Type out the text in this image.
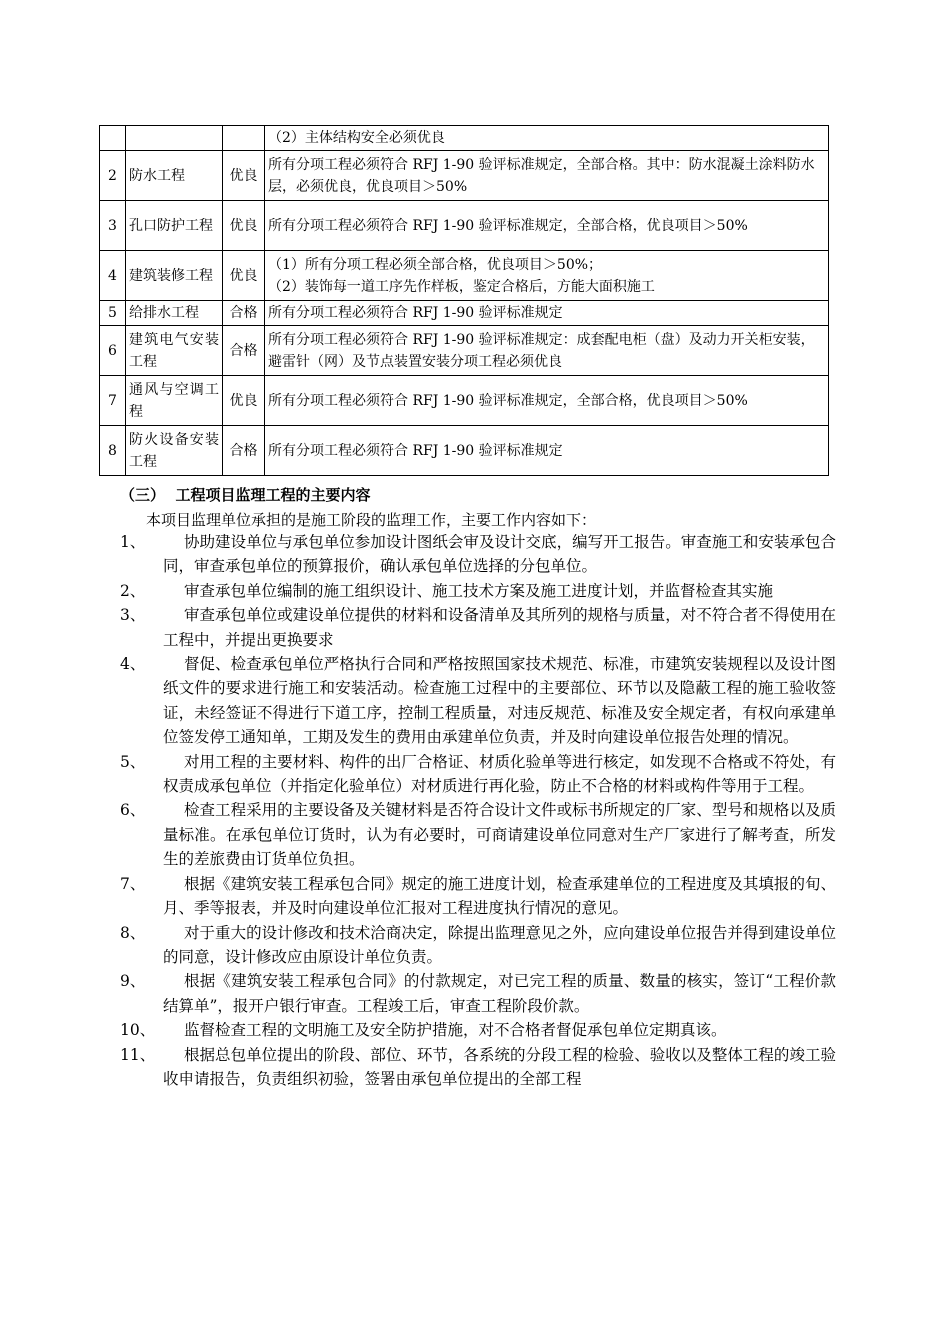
			（2）主体结构安全必须优良
2	防水工程	优良	所有分项工程必须符合 RFJ 1-90 验评标准规定，全部合格。其中：防水混凝土涂料防水层，必须优良，优良项目＞50%
3	孔口防护工程	优良	所有分项工程必须符合 RFJ 1-90 验评标准规定，全部合格，优良项目＞50%
4	建筑装修工程	优良	（1）所有分项工程必须全部合格，优良项目＞50%；
（2）装饰每一道工序先作样板，鉴定合格后，方能大面积施工
5	给排水工程	合格	所有分项工程必须符合 RFJ 1-90 验评标准规定
6	建筑电气安装工程	合格	所有分项工程必须符合 RFJ 1-90 验评标准规定：成套配电柜（盘）及动力开关柜安装，避雷针（网）及节点装置安装分项工程必须优良
7	通风与空调工程	优良	所有分项工程必须符合 RFJ 1-90 验评标准规定，全部合格，优良项目＞50%
8	防火设备安装工程	合格	所有分项工程必须符合 RFJ 1-90 验评标准规定
（三）  工程项目监理工程的主要内容
本项目监理单位承担的是施工阶段的监理工作，主要工作内容如下：
1、	协助建设单位与承包单位参加设计图纸会审及设计交底，编写开工报告。审查施工和安装承包合同，审查承包单位的预算报价，确认承包单位选择的分包单位。
2、	审查承包单位编制的施工组织设计、施工技术方案及施工进度计划，并监督检查其实施
3、	审查承包单位或建设单位提供的材料和设备清单及其所列的规格与质量，对不符合者不得使用在工程中，并提出更换要求
4、	督促、检查承包单位严格执行合同和严格按照国家技术规范、标准，市建筑安装规程以及设计图纸文件的要求进行施工和安装活动。检查施工过程中的主要部位、环节以及隐蔽工程的施工验收签证，未经签证不得进行下道工序，控制工程质量，对违反规范、标准及安全规定者，有权向承建单位签发停工通知单，工期及发生的费用由承建单位负责，并及时向建设单位报告处理的情况。
5、	对用工程的主要材料、构件的出厂合格证、材质化验单等进行核定，如发现不合格或不符处，有权责成承包单位（并指定化验单位）对材质进行再化验，防止不合格的材料或构件等用于工程。
6、	检查工程采用的主要设备及关键材料是否符合设计文件或标书所规定的厂家、型号和规格以及质量标准。在承包单位订货时，认为有必要时，可商请建设单位同意对生产厂家进行了解考查，所发生的差旅费由订货单位负担。
7、	根据《建筑安装工程承包合同》规定的施工进度计划，检查承建单位的工程进度及其填报的旬、月、季等报表，并及时向建设单位汇报对工程进度执行情况的意见。
8、	对于重大的设计修改和技术洽商决定，除提出监理意见之外，应向建设单位报告并得到建设单位的同意，设计修改应由原设计单位负责。
9、	根据《建筑安装工程承包合同》的付款规定，对已完工程的质量、数量的核实，签订“工程价款结算单”，报开户银行审查。工程竣工后，审查工程阶段价款。
10、	监督检查工程的文明施工及安全防护措施，对不合格者督促承包单位定期真该。
11、	根据总包单位提出的阶段、部位、环节，各系统的分段工程的检验、验收以及整体工程的竣工验收申请报告，负责组织初验，签署由承包单位提出的全部工程
